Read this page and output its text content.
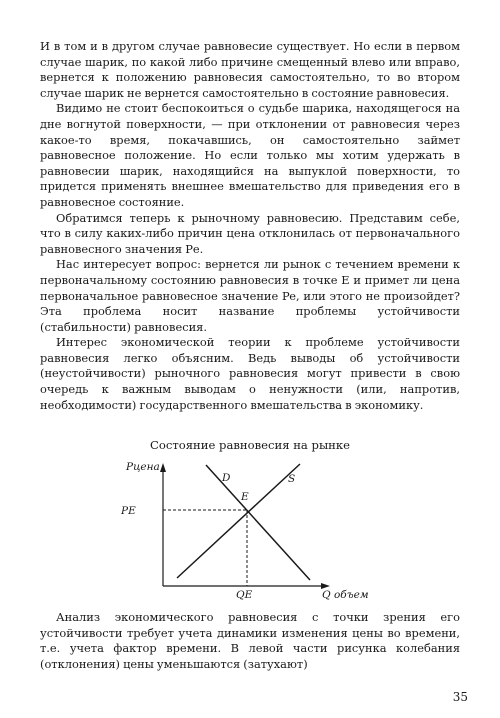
И в том и в другом случае равновесие существует. Но если в первом случае шарик, по какой либо причине смещенный влево или вправо, вернется к положению равновесия самостоятельно, то во втором случае шарик не вернется самостоятельно в состояние равновесия.

Видимо не стоит беспокоиться о судьбе шарика, находящегося на дне вогнутой поверхности, — при отклонении от равновесия через какое-то время, покачавшись, он самостоятельно займет равновесное положение. Но если только мы хотим удержать в равновесии шарик, находящийся на выпуклой поверхности, то придется применять внешнее вмешательство для приведения его в равновесное состояние.

Обратимся теперь к рыночному равновесию. Представим себе, что в силу каких-либо причин цена отклонилась от первоначального равновесного значения Ре.

Нас интересует вопрос: вернется ли рынок с течением времени к первоначальному состоянию равновесия в точке E и примет ли цена первоначальное равновесное значение Pe, или этого не произойдет? Эта проблема носит название проблемы устойчивости (стабильности) равновесия.

Интерес экономической теории к проблеме устойчивости равновесия легко объясним. Ведь выводы об устойчивости (неустойчивости) рыночного равновесия могут привести в свою очередь к важным выводам о ненужности (или, напротив, необходимости) государственного вмешательства в экономику.

Состояние равновесия на рынке
Pцена
Q объем
D	S
E
PE
QE

Анализ экономического равновесия с точки зрения его устойчивости требует учета динамики изменения цены во времени, т.е. учета фактор времени. В левой части рисунка колебания (отклонения) цены уменьшаются (затухают)

35
